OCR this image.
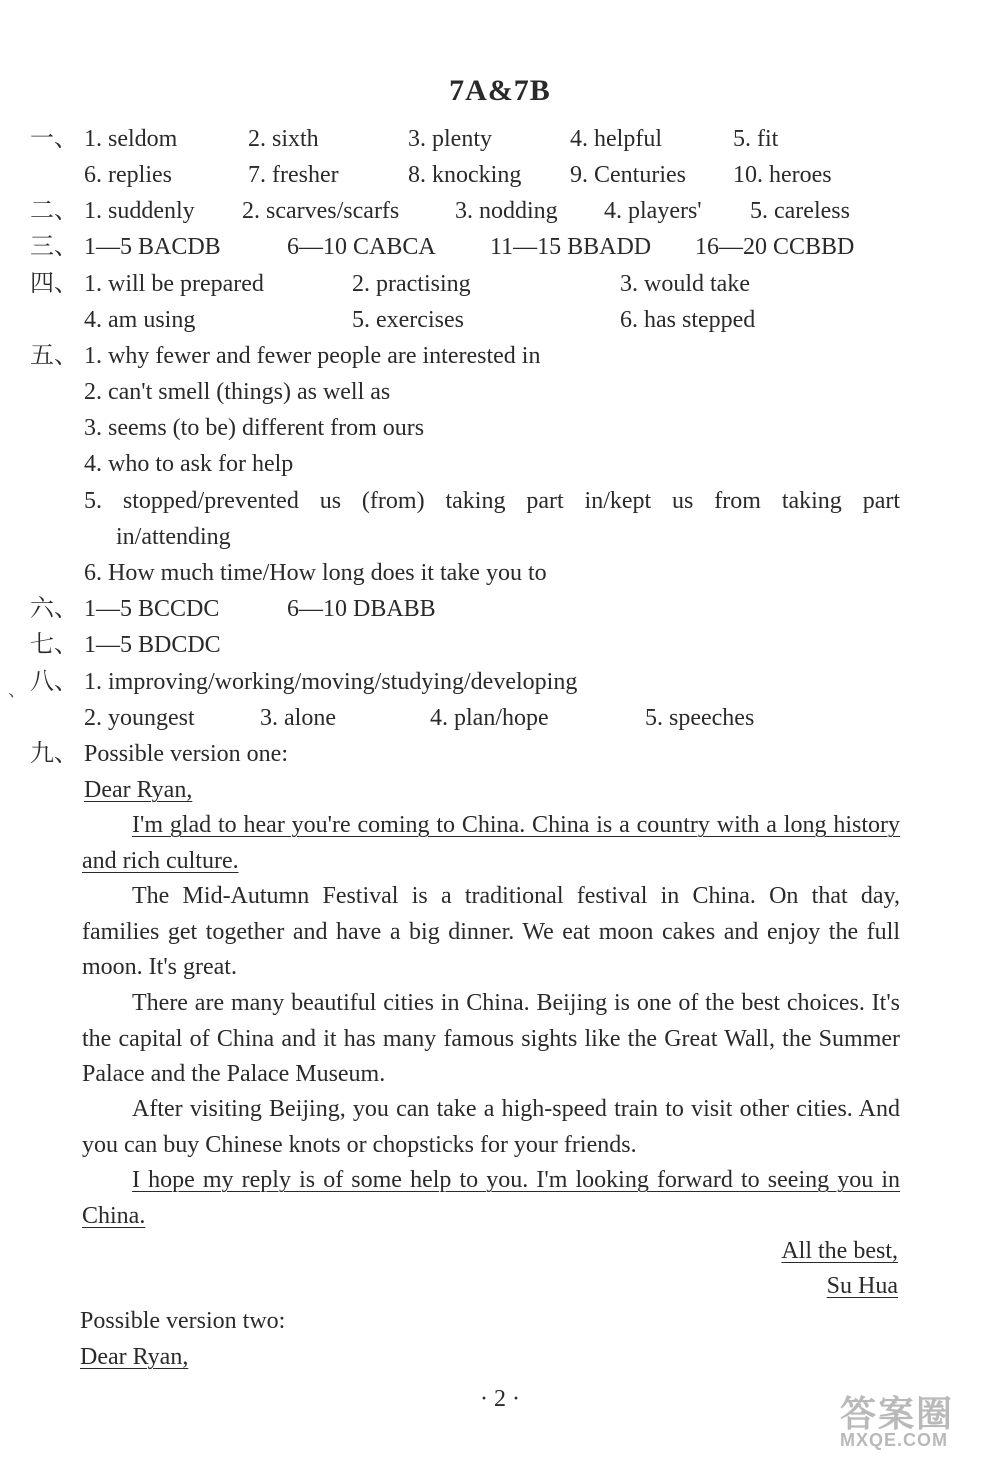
7A&7B
一、 1. seldom	2. sixth	3. plenty	4. helpful	5. fit
6. replies	7. fresher	8. knocking 9. Centuries 10. heroes
二、 1. suddenly 2. scarves/scarfs 3. nodding 4. players' 5. careless
三、 1—5 BACDB	6—10 CABCA 11—15 BBADD 16—20 CCBBD
四、 1. will be prepared	2. practising	3. would take
4. am using	5. exercises	6. has stepped
五、 1. why fewer and fewer people are interested in
2. can't smell (things) as well as
3. seems (to be) different from ours
4. who to ask for help
5. stopped/prevented us (from) taking part in/kept us from taking part
in/attending
6. How much time/How long does it take you to
六、 1—5 BCCDC	6—10 DBABB
七、 1—5 BDCDC
、 八、 1. improving/working/moving/studying/developing
2. youngest	3. alone	4. plan/hope	5. speeches
九、 Possible version one:
Dear Ryan,
I'm glad to hear you're coming to China. China is a country with a long history and rich culture.
The Mid-Autumn Festival is a traditional festival in China. On that day, families get together and have a big dinner. We eat moon cakes and enjoy the full moon. It's great.
There are many beautiful cities in China. Beijing is one of the best choices. It's the capital of China and it has many famous sights like the Great Wall, the Summer Palace and the Palace Museum.
After visiting Beijing, you can take a high-speed train to visit other cities. And you can buy Chinese knots or chopsticks for your friends.
I hope my reply is of some help to you. I'm looking forward to seeing you in China.
All the best,
Su Hua
Possible version two:
Dear Ryan,
· 2 ·	答案圈
MXQE.COM
